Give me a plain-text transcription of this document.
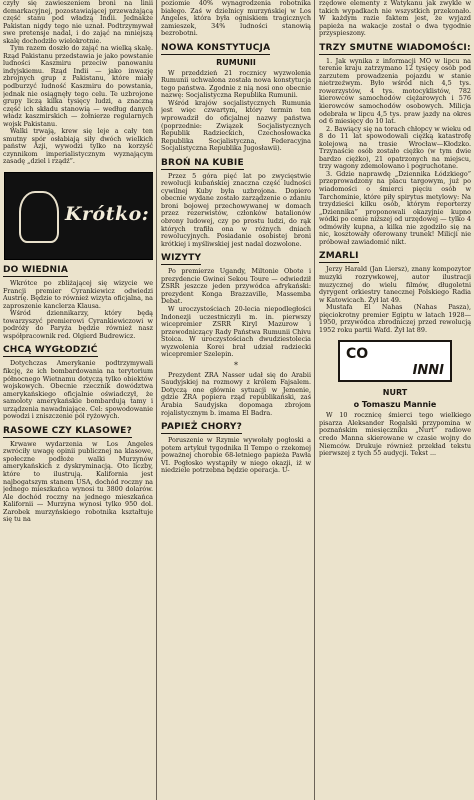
czyły się zawieszeniem broni na linii demarkacyjnej, pozostawiającej przeważającą część stanu pod władzą Indii. Jednakże Pakistan nigdy tego nie uznał. Podtrzymywał swe pretensje nadal, i do zająć na mniejszą skalę dochodziło wielokrotnie.

Tym razem doszło do zająć na wielką skalę. Rząd Pakistanu przedstawia je jako powstanie ludności Kaszmiru przeciw panowaniu indyjskiemu. Rząd Indii — jako inwazję zbrojnych grup z Pakistanu, które miały podburzyć ludność Kaszmiru do powstania, jednak nie osiągnęły tego celu. Te uzbrojone grupy liczą kilka tysięcy ludzi, a znaczną część ich składu stanowią — według danych władz kaszmirskich — żołnierze regularnych wojsk Pakistanu.

Walki trwają, krew się leje a cały ten smutny spór osłabiają siły dwóch wielkich państw Azji, wywodzi tylko na korzyść czynnikom imperialistycznym wyznającym zasadę „dziel i rządź”.

Krótko:
DO WIEDNIA

Wkrótce po zbliżającej się wizycie we Francji premier Cyrankiewicz odwiedzi Austrię. Będzie to również wizyta oficjalna, na zaproszenie kanclerza Klausa.

Wśród dziennikarzy, który będą towarzyszyć premierowi Cyrankiewiczowi w podróży do Paryża będzie również nasz współpracownik red. Olgierd Budrewicz.

CHCĄ WYGŁODZIĆ

Dotychczas Amerykanie podtrzymywali fikcję, że ich bombardowania na terytorium północnego Wietnamu dotyczą tylko obiektów wojskowych. Obecnie rzecznik dowództwa amerykańskiego oficjalnie oświadczył, że samoloty amerykańskie bombardują tamy i urządzenia nawadniające. Cel: spowodowanie powodzi i zniszczenie pól ryżowych.

RASOWE CZY KLASOWE?

Krwawe wydarzenia w Los Angeles zwróciły uwagę opinii publicznej na klasowe, społeczne podłoże walki Murzynów amerykańskich z dyskryminacją. Oto liczby, które to ilustrują. Kalifornia jest najbogatszym stanem USA, dochód roczny na jednego mieszkańca wynosi tu 3800 dolarów. Ale dochód roczny na jednego mieszkańca Kalifornii — Murzyna wynosi tylko 950 dol. Zarobek murzyńskiego robotnika kształtuje się tu na

poziomie 40% wynagrodzenia robotnika białego. Zaś w dzielnicy murzyńskiej w Los Angeles, która była ogniskiem tragicznych zamieszek, 34% ludności stanowią bezrobotni.

NOWA KONSTYTUCJA
RUMUNII

W przeddzień 21 rocznicy wyzwolenia Rumunii uchwalona została nowa konstytucja tego państwa. Zgodnie z nią nosi ono obecnie nazwę: Socjalistyczna Republika Rumunii.

Wśród krajów socjalistycznych Rumunia jest więc czwartym, który termin ten wprowadził do oficjalnej nazwy państwa (poprzednie: Związek Socjalistycznych Republik Radzieckich, Czechosłowacka Republika Socjalistyczna, Federacyjna Socjalistyczna Republika Jugosławii).

BROŃ NA KUBIE

Przez 5 góra pięć lat po zwycięstwie rewolucji kubańskiej znaczna część ludności cywilnej Kuby była uzbrojona. Dopiero obecnie wydane zostało zarządzenie o zdaniu broni bojowej przechowywanej w domach przez rezerwistów, członków batalionów obrony ludowej, czy po prostu ludzi, do rąk których trafiła ona w różnych dniach rewolucyjnych. Posiadanie osobistej broni krótkiej i myśliwskiej jest nadal dozwolone.

WIZYTY

Po premierze Ugandy, Miltonie Obote i prezydencie Gwinei Sekou Toure — odwiedził ZSRR jeszcze jeden przywódca afrykański: prezydent Konga Brazzaville, Massemba Debat.

W uroczystościach 20-lecia niepodległości Indonezji uczestniczyli m. in. pierwszy wicepremier ZSRR Kiryl Mazurow i przewodniczący Rady Państwa Rumunii Chivu Stoica. W uroczystościach dwudziestolecia wyzwolenia Korei brał udział radziecki wicepremier Szelepin.

*

Prezydent ZRA Nasser udał się do Arabii Saudyjskiej na rozmowy z królem Fajsalem. Dotyczą one głównie sytuacji w Jemenie, gdzie ZRA popiera rząd republikański, zaś Arabia Saudyjska dopomaga zbrojom rojalistycznym b. imama El Badra.

PAPIEŻ CHORY?

Poruszenie w Rzymie wywołały pogłoski a potem artykuł tygodnika Il Tempo o rzekomej poważnej chorobie 68-letniego papieża Pawła VI. Pogłosko wystąpiły w niego okazji, iż w niedziele potrzebna będzie operacja. U-

rzędowe elementy z Watykanu jak zwykle w takich wypadkach nie wszystkich przekonało. W każdym razie faktem jest, że wyjazd papieża na wakacje został o dwa tygodnie przyspieszony.

TRZY SMUTNE WIADOMOŚCI:

1. Jak wynika z informacji MO w lipcu na terenie kraju zatrzymano 12 tysięcy osób pod zarzutem prowadzenia pojazdu w stanie nietrzeźwym. Było wśród nich 4,5 tys. rowerzystów, 4 tys. motocyklistów, 782 kierowców samochodów ciężarowych i 576 kierowców samochodów osobowych. Milicja odebrała w lipcu 4,5 tys. praw jazdy na okres od 6 miesięcy do 10 lat.

2. Bawiący się na torach chłopcy w wieku od 8 do 11 lat spowodowali ciężką katastrofę kolejową na trasie Wrocław—Kłodzko. Trzynaście osób zostało ciężko (w tym dwie bardzo ciężko), 21 opatrzonych na miejscu, trzy wagony zdemolowano i pogruchotane.

3. Gdzie naprawdę „Dziennika Łódzkiego” przeprowadzony na placu targowym, już po wiadomości o śmierci pięciu osób w Tarchominie, które piły spirytus metylowy: Na trzydzieści kilku osób, którym reporterzy „Dziennika” proponowali okazyjnie kupno wódki po cenie niższej od urzędowej — tylko 4 odmówiły kupna, a kilka nie zgodziło się na nic, kosztowały oferowany trunek! Milicji nie próbował zawiadomić nikt.

ZMARLI

Jerzy Harald (Jan Liersz), znany kompozytor muzyki rozrywkowej, autor ilustracji muzycznej do wielu filmów, długoletni dyrygent orkiestry tanecznej Polskiego Radia w Katowicach. Żył lat 49.

Mustafa El Nahas (Nahas Pasza), pięciokrotny premier Egiptu w latach 1928—1950, przywódca zbrodniczej przed rewolucją 1952 roku partii Wafd. Żył lat 89.

CO
INNI
NURT
o Tomaszu Mannie

W 10 rocznicę śmierci tego wielkiego pisarza Aleksander Rogalski przypomina w poznańskim miesięczniku „Nurt” radiowe credo Manna skierowane w czasie wojny do Niemców. Drukuje również przekład tekstu pierwszej z tych 55 audycji. Tekst ...
